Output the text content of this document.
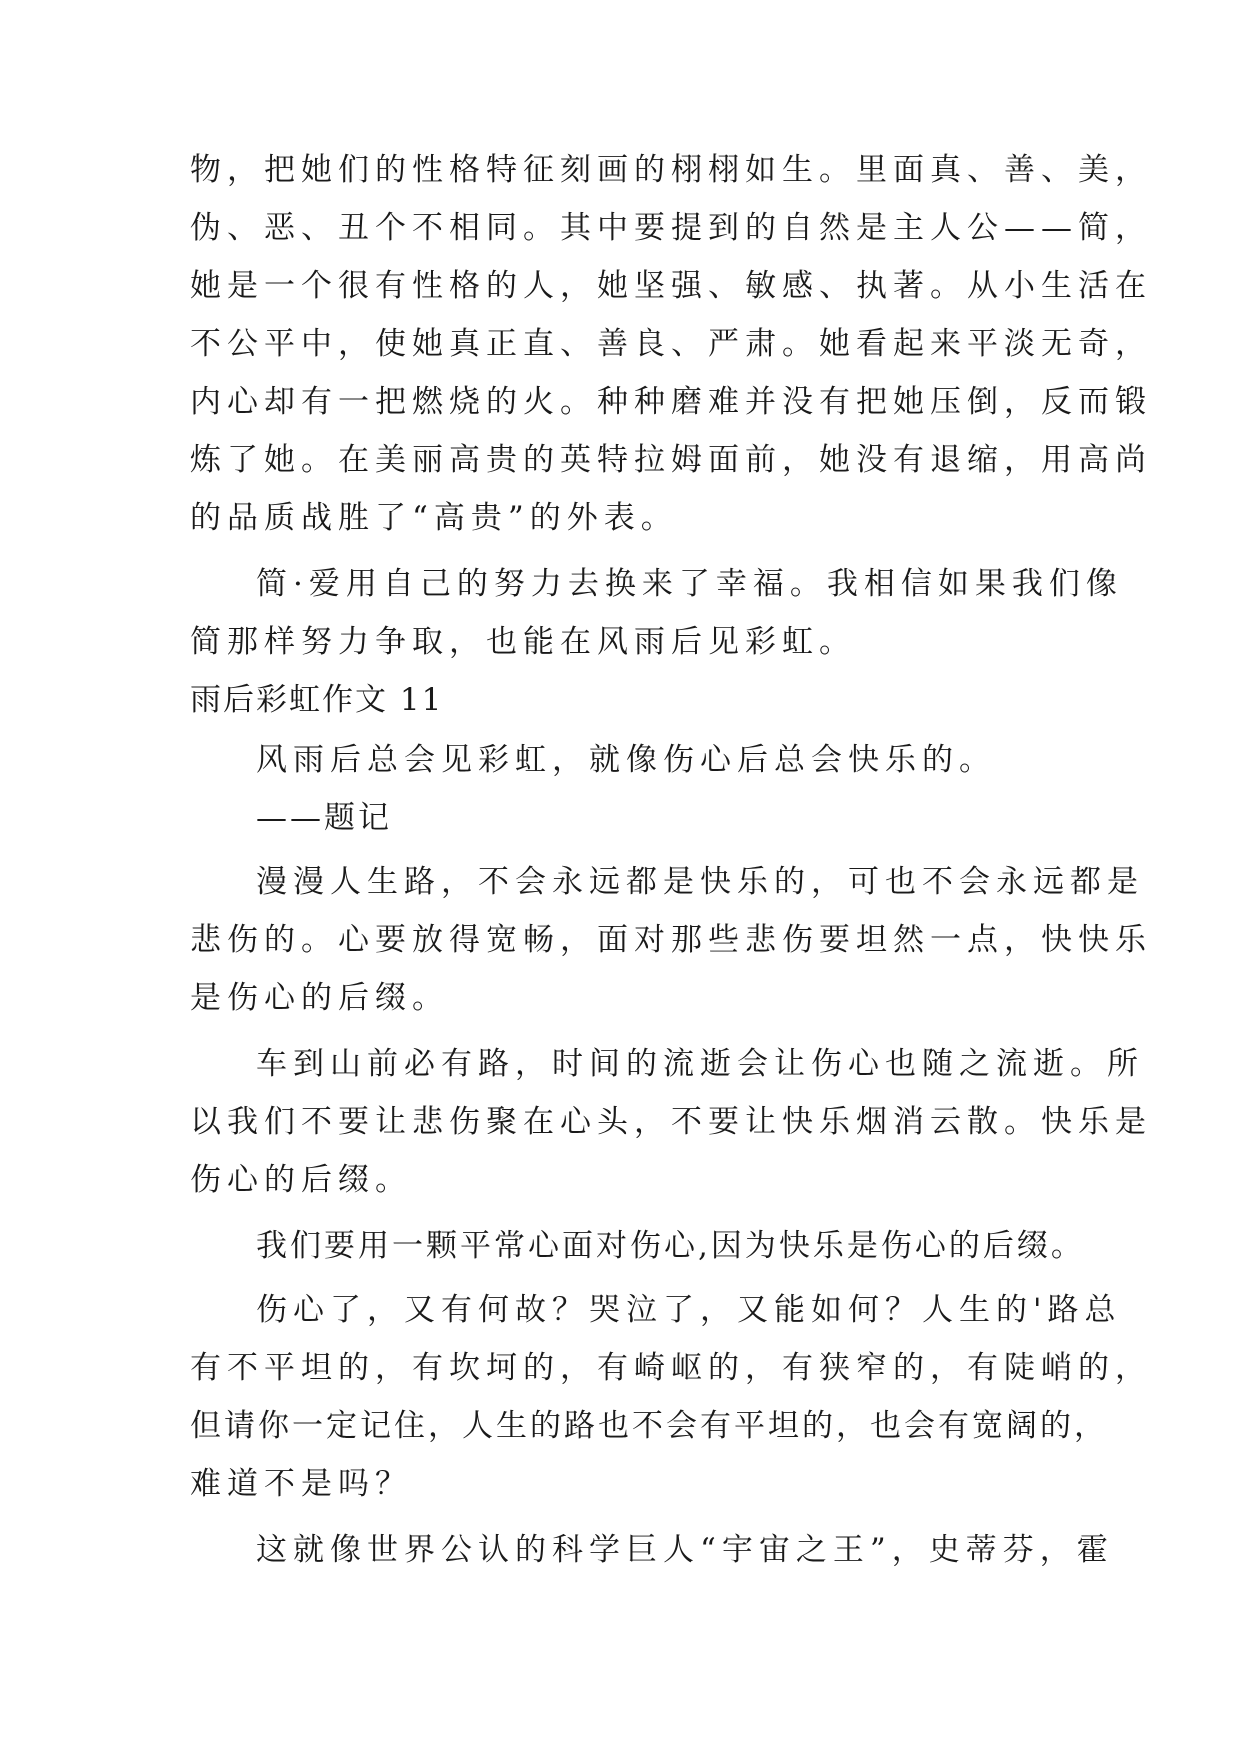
物，把她们的性格特征刻画的栩栩如生。里面真、善、美，
伪、恶、丑个不相同。其中要提到的自然是主人公——简，
她是一个很有性格的人，她坚强、敏感、执著。从小生活在
不公平中，使她真正直、善良、严肃。她看起来平淡无奇，
内心却有一把燃烧的火。种种磨难并没有把她压倒，反而锻
炼了她。在美丽高贵的英特拉姆面前，她没有退缩，用高尚
的品质战胜了“高贵”的外表。
简·爱用自己的努力去换来了幸福。我相信如果我们像
简那样努力争取，也能在风雨后见彩虹。
雨后彩虹作文 11
风雨后总会见彩虹，就像伤心后总会快乐的。
——题记
漫漫人生路，不会永远都是快乐的，可也不会永远都是
悲伤的。心要放得宽畅，面对那些悲伤要坦然一点，快快乐
是伤心的后缀。
车到山前必有路，时间的流逝会让伤心也随之流逝。所
以我们不要让悲伤聚在心头，不要让快乐烟消云散。快乐是
伤心的后缀。
我们要用一颗平常心面对伤心,因为快乐是伤心的后缀。
伤心了，又有何故？哭泣了，又能如何？人生的'路总
有不平坦的，有坎坷的，有崎岖的，有狭窄的，有陡峭的，
但请你一定记住，人生的路也不会有平坦的，也会有宽阔的，
难道不是吗？
这就像世界公认的科学巨人“宇宙之王”，史蒂芬，霍
